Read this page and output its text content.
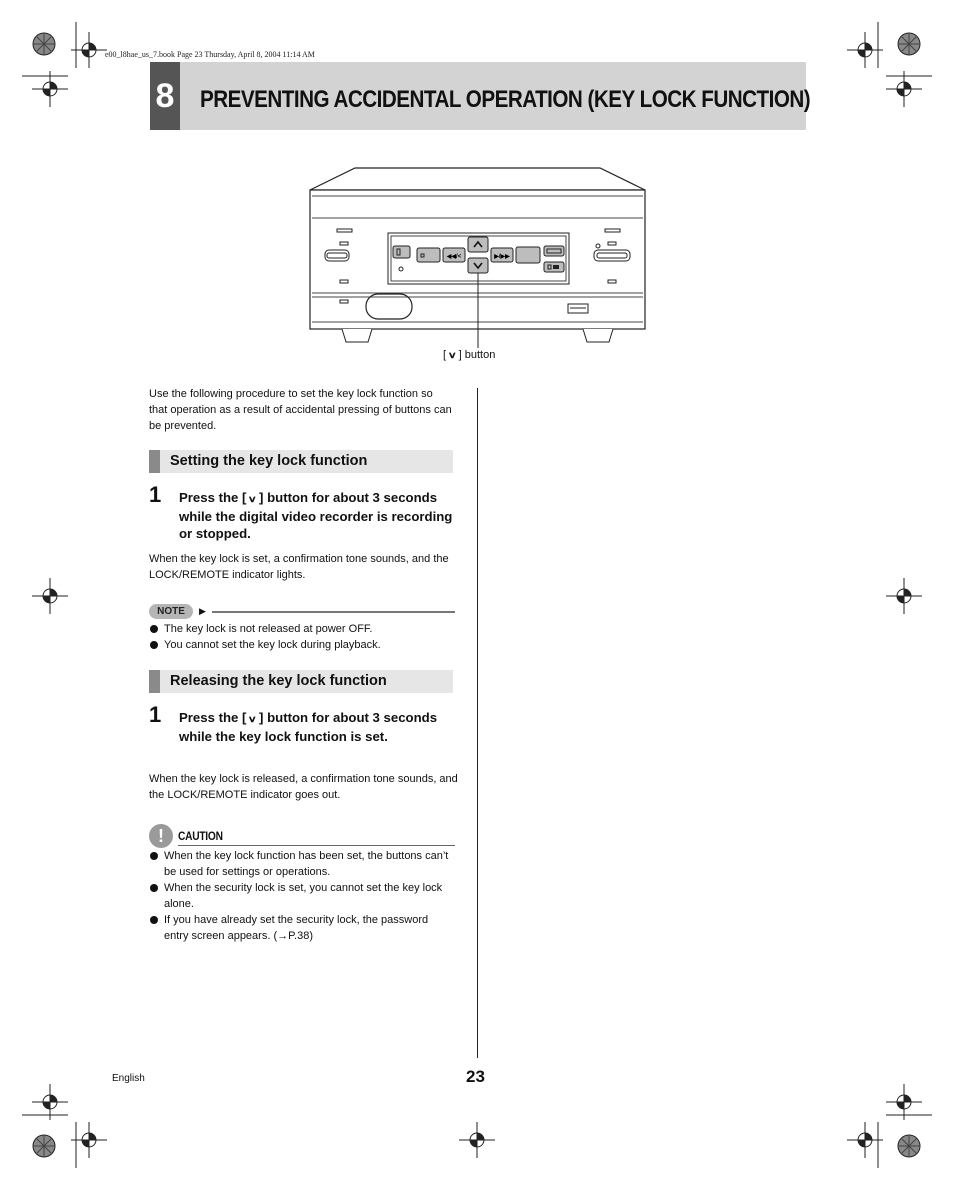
e00_l8hae_us_7.book Page 23 Thursday, April 8, 2004 11:14 AM
8 PREVENTING ACCIDENTAL OPERATION (KEY LOCK FUNCTION)
◀◀/<	▶/▶▶
[ ∨ ] button
Use the following procedure to set the key lock function so that operation as a result of accidental pressing of buttons can be prevented.
Setting the key lock function
1 Press the [ ∨ ] button for about 3 seconds while the digital video recorder is recording or stopped.
When the key lock is set, a confirmation tone sounds, and the LOCK/REMOTE indicator lights.
NOTE	▶
The key lock is not released at power OFF.
You cannot set the key lock during playback.
Releasing the key lock function
1 Press the [ ∨ ] button for about 3 seconds while the key lock function is set.
When the key lock is released, a confirmation tone sounds, and the LOCK/REMOTE indicator goes out.
!	CAUTION
When the key lock function has been set, the buttons can’t be used for settings or operations.
When the security lock is set, you cannot set the key lock alone.
If you have already set the security lock, the password entry screen appears. (→P.38)
English	23
